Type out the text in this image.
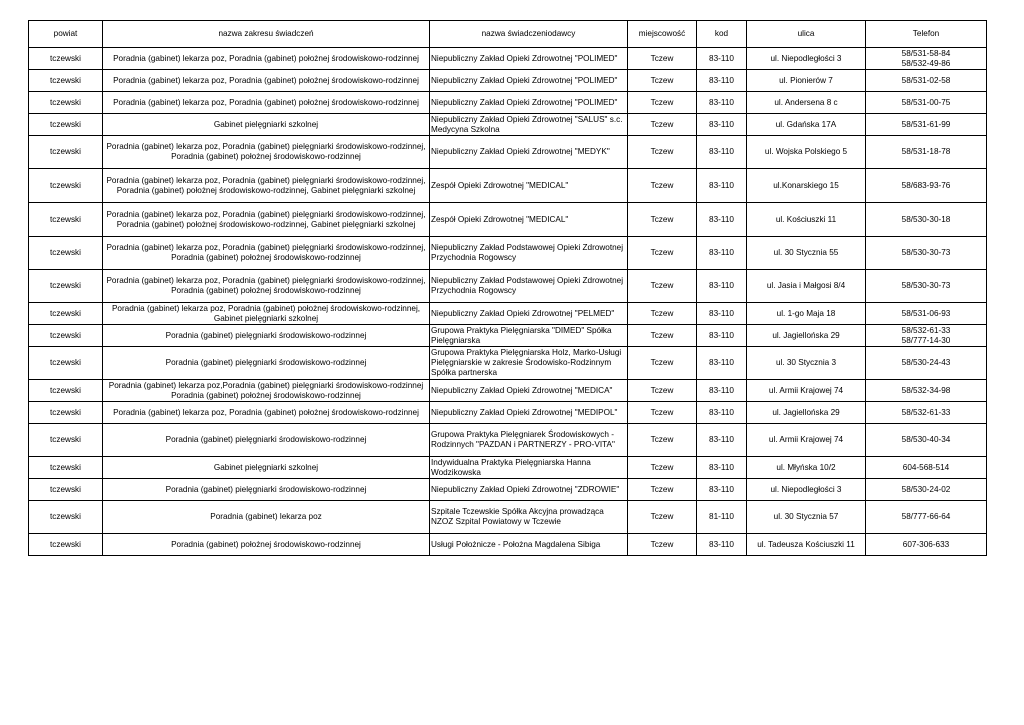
powiat	nazwa zakresu świadczeń	nazwa świadczeniodawcy	miejscowość	kod	ulica	Telefon

tczewski	Poradnia (gabinet) lekarza poz, Poradnia (gabinet) położnej środowiskowo-rodzinnej	Niepubliczny Zakład Opieki Zdrowotnej "POLIMED"	Tczew	83-110	ul. Niepodległości 3	58/531-58-84
58/532-49-86

tczewski	Poradnia (gabinet) lekarza poz, Poradnia (gabinet) położnej środowiskowo-rodzinnej	Niepubliczny Zakład Opieki Zdrowotnej "POLIMED"	Tczew	83-110	ul. Pionierów 7	58/531-02-58

tczewski	Poradnia (gabinet) lekarza poz, Poradnia (gabinet) położnej środowiskowo-rodzinnej	Niepubliczny Zakład Opieki Zdrowotnej "POLIMED"	Tczew	83-110	ul. Andersena 8 c	58/531-00-75

tczewski	Gabinet pielęgniarki szkolnej	Niepubliczny Zakład Opieki Zdrowotnej "SALUS" s.c. Medycyna Szkolna	Tczew	83-110	ul. Gdańska 17A	58/531-61-99

tczewski	Poradnia (gabinet) lekarza poz, Poradnia (gabinet) pielęgniarki środowiskowo-rodzinnej, Poradnia (gabinet) położnej środowiskowo-rodzinnej	Niepubliczny Zakład Opieki Zdrowotnej "MEDYK"	Tczew	83-110	ul. Wojska Polskiego 5	58/531-18-78

tczewski	Poradnia (gabinet) lekarza poz, Poradnia (gabinet) pielęgniarki środowiskowo-rodzinnej, Poradnia (gabinet) położnej środowiskowo-rodzinnej, Gabinet pielęgniarki szkolnej	Zespół Opieki Zdrowotnej "MEDICAL"	Tczew	83-110	ul.Konarskiego 15	58/683-93-76

tczewski	Poradnia (gabinet) lekarza poz, Poradnia (gabinet) pielęgniarki środowiskowo-rodzinnej, Poradnia (gabinet) położnej środowiskowo-rodzinnej, Gabinet pielęgniarki szkolnej	Zespół Opieki Zdrowotnej "MEDICAL"	Tczew	83-110	ul. Kościuszki 11	58/530-30-18

tczewski	Poradnia (gabinet) lekarza poz, Poradnia (gabinet) pielęgniarki środowiskowo-rodzinnej, Poradnia (gabinet) położnej środowiskowo-rodzinnej	Niepubliczny Zakład Podstawowej Opieki Zdrowotnej Przychodnia Rogowscy	Tczew	83-110	ul. 30 Stycznia 55	58/530-30-73

tczewski	Poradnia (gabinet) lekarza poz, Poradnia (gabinet) pielęgniarki środowiskowo-rodzinnej, Poradnia (gabinet) położnej środowiskowo-rodzinnej	Niepubliczny Zakład Podstawowej Opieki Zdrowotnej Przychodnia Rogowscy	Tczew	83-110	ul. Jasia i Małgosi 8/4	58/530-30-73

tczewski	Poradnia (gabinet) lekarza poz, Poradnia (gabinet) położnej środowiskowo-rodzinnej, Gabinet pielęgniarki szkolnej	Niepubliczny Zakład Opieki Zdrowotnej "PELMED"	Tczew	83-110	ul. 1-go Maja 18	58/531-06-93

tczewski	Poradnia (gabinet) pielęgniarki środowiskowo-rodzinnej	Grupowa Praktyka Pielęgniarska "DIMED" Spółka Pielęgniarska	Tczew	83-110	ul. Jagiellońska 29	58/532-61-33
58/777-14-30

tczewski	Poradnia (gabinet) pielęgniarki środowiskowo-rodzinnej	Grupowa Praktyka Pielęgniarska Holz, Marko-Usługi Pielęgniarskie w zakresie Środowisko-Rodzinnym Spółka partnerska	Tczew	83-110	ul. 30 Stycznia 3	58/530-24-43

tczewski	Poradnia (gabinet) lekarza poz,Poradnia (gabinet) pielęgniarki środowiskowo-rodzinnej Poradnia (gabinet) położnej środowiskowo-rodzinnej	Niepubliczny Zakład Opieki Zdrowotnej "MEDICA"	Tczew	83-110	ul. Armii Krajowej 74	58/532-34-98

tczewski	Poradnia (gabinet) lekarza poz, Poradnia (gabinet) położnej środowiskowo-rodzinnej	Niepubliczny Zakład Opieki Zdrowotnej "MEDIPOL"	Tczew	83-110	ul. Jagiellońska 29	58/532-61-33

tczewski	Poradnia (gabinet) pielęgniarki środowiskowo-rodzinnej	Grupowa Praktyka Pielęgniarek Środowiskowych - Rodzinnych "PAZDAN i PARTNERZY - PRO-VITA"	Tczew	83-110	ul. Armii Krajowej 74	58/530-40-34

tczewski	Gabinet pielęgniarki szkolnej	Indywidualna Praktyka Pielęgniarska Hanna Wodzikowska	Tczew	83-110	ul. Młyńska 10/2	604-568-514

tczewski	Poradnia (gabinet) pielęgniarki środowiskowo-rodzinnej	Niepubliczny Zakład Opieki Zdrowotnej "ZDROWIE"	Tczew	83-110	ul. Niepodległości 3	58/530-24-02

tczewski	Poradnia (gabinet) lekarza poz	Szpitale Tczewskie Spółka Akcyjna prowadząca NZOZ Szpital Powiatowy w Tczewie	Tczew	81-110	ul. 30 Stycznia 57	58/777-66-64

tczewski	Poradnia (gabinet) położnej środowiskowo-rodzinnej	Usługi Położnicze - Położna Magdalena Sibiga	Tczew	83-110	ul. Tadeusza Kościuszki 11	607-306-633
